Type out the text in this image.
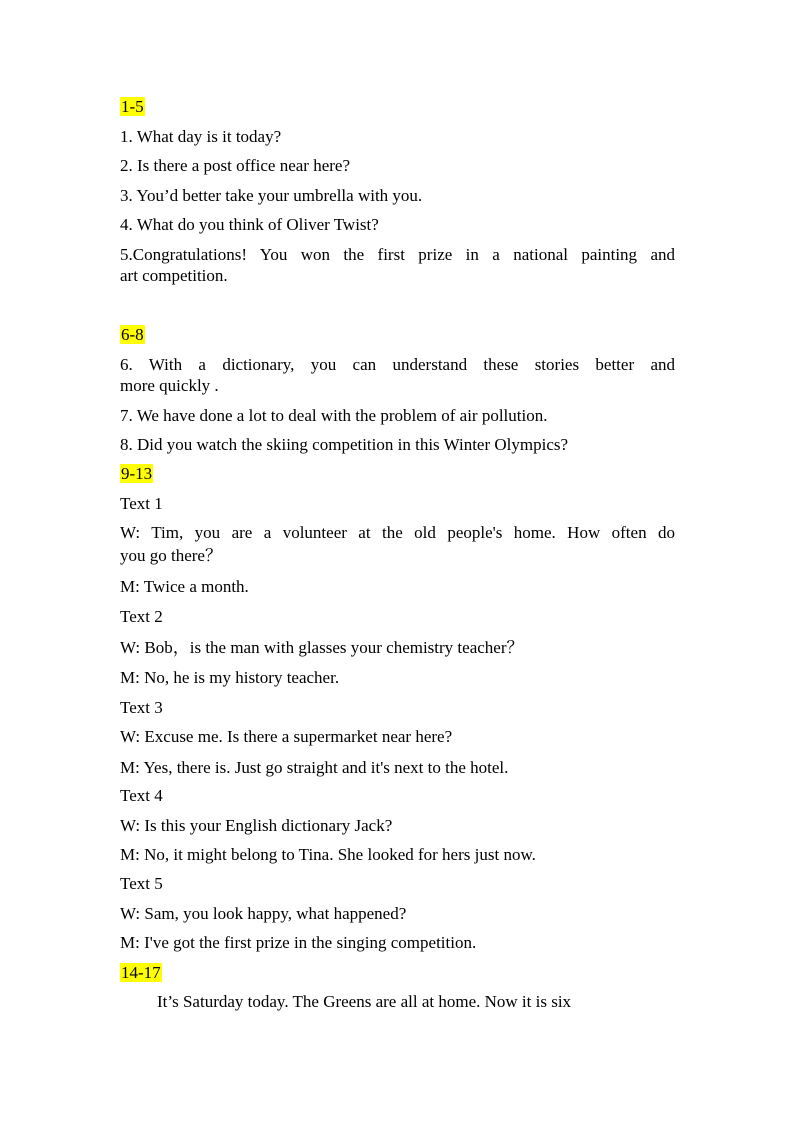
1-5
1. What day is it today?
2. Is there a post office near here?
3. You’d better take your umbrella with you.
4. What do you think of Oliver Twist?
5.Congratulations! You won the first prize in a national painting and
art competition.
6-8
6. With a dictionary, you can understand these stories better and
more quickly .
7. We have done a lot to deal with the problem of air pollution.
8. Did you watch the skiing competition in this Winter Olympics?
9-13
Text 1
W: Tim, you are a volunteer at the old people's home. How often do
you go there？
M: Twice a month.
Text 2
W: Bob，is the man with glasses your chemistry teacher？
M: No, he is my history teacher.
Text 3
W: Excuse me. Is there a supermarket near here?
M: Yes, there is. Just go straight and it's next to the hotel.
Text 4
W: Is this your English dictionary Jack?
M: No, it might belong to Tina. She looked for hers just now.
Text 5
W: Sam, you look happy, what happened?
M: I've got the first prize in the singing competition.
14-17
It’s Saturday today. The Greens are all at home. Now it is six
